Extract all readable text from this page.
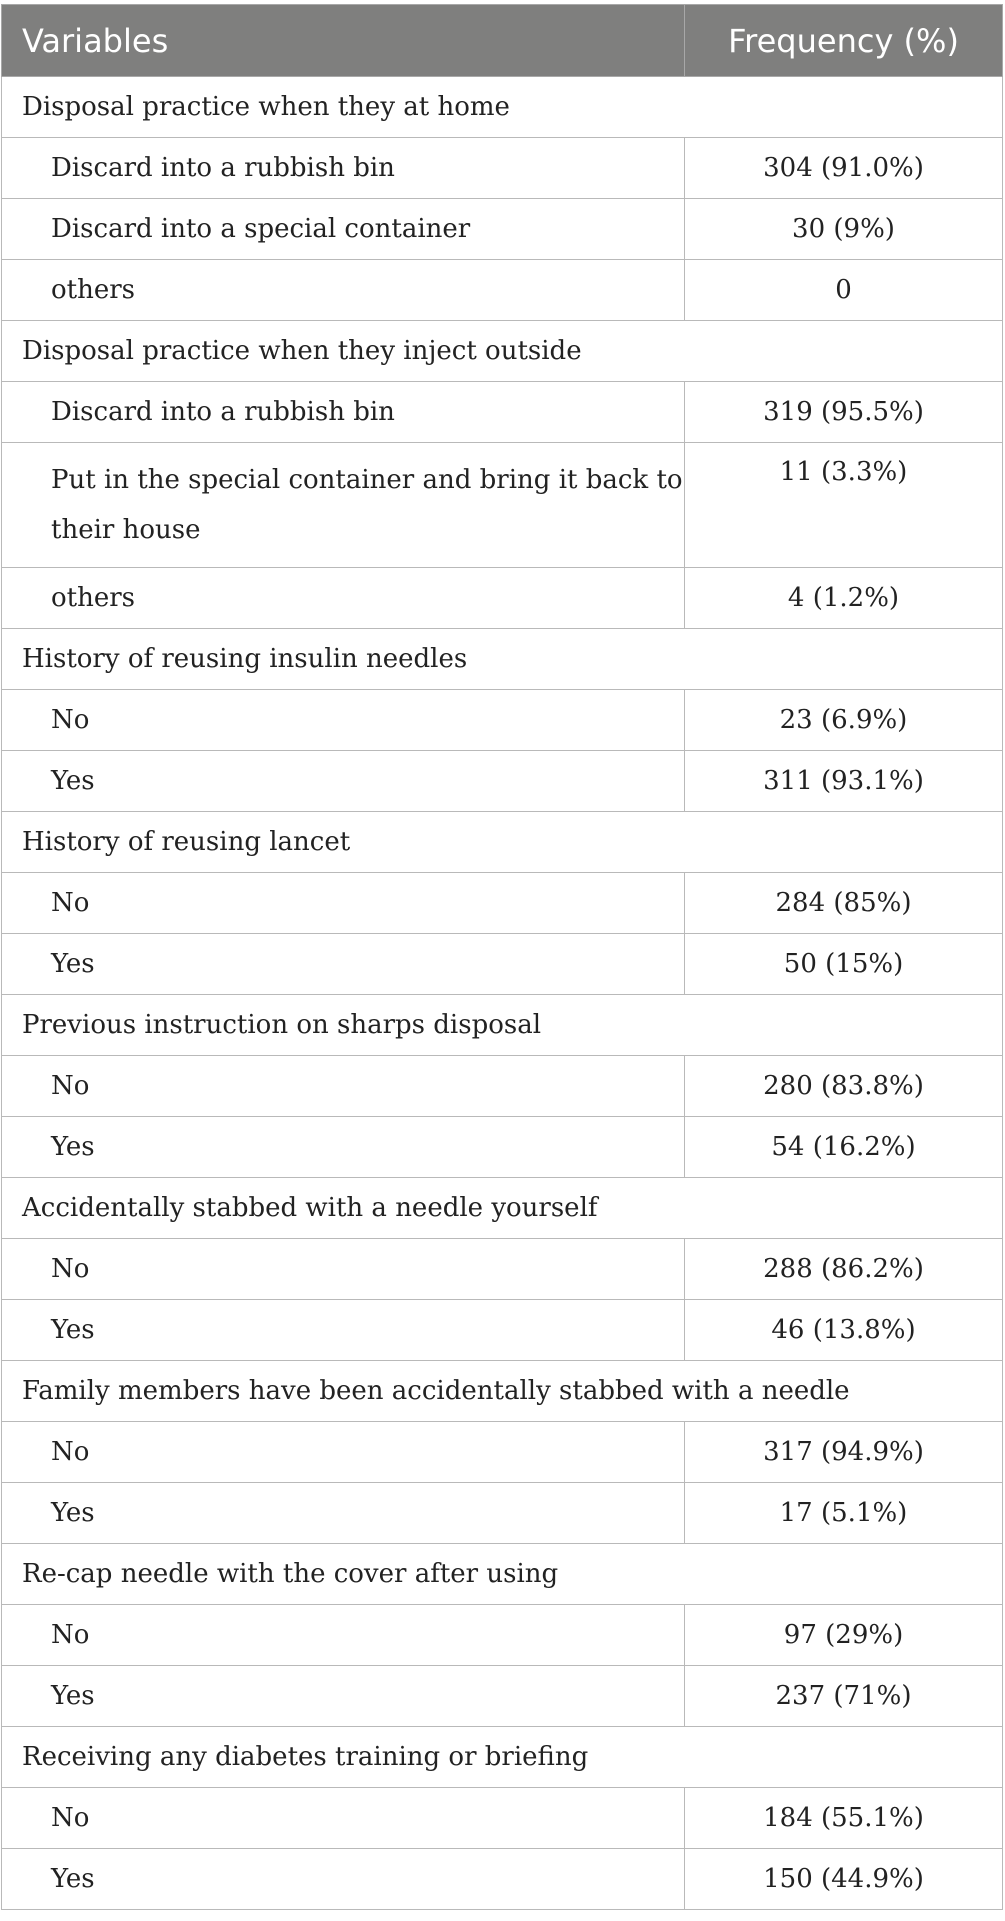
Variables	Frequency (%)
Disposal practice when they at home	
Discard into a rubbish bin	304 (91.0%)
Discard into a special container	30 (9%)
others	0
Disposal practice when they inject outside	
Discard into a rubbish bin	319 (95.5%)
Put in the special container and bring it back to their house	11 (3.3%)
others	4 (1.2%)
History of reusing insulin needles	
No	23 (6.9%)
Yes	311 (93.1%)
History of reusing lancet	
No	284 (85%)
Yes	50 (15%)
Previous instruction on sharps disposal	
No	280 (83.8%)
Yes	54 (16.2%)
Accidentally stabbed with a needle yourself	
No	288 (86.2%)
Yes	46 (13.8%)
Family members have been accidentally stabbed with a needle	
No	317 (94.9%)
Yes	17 (5.1%)
Re-cap needle with the cover after using	
No	97 (29%)
Yes	237 (71%)
Receiving any diabetes training or briefing	
No	184 (55.1%)
Yes	150 (44.9%)
